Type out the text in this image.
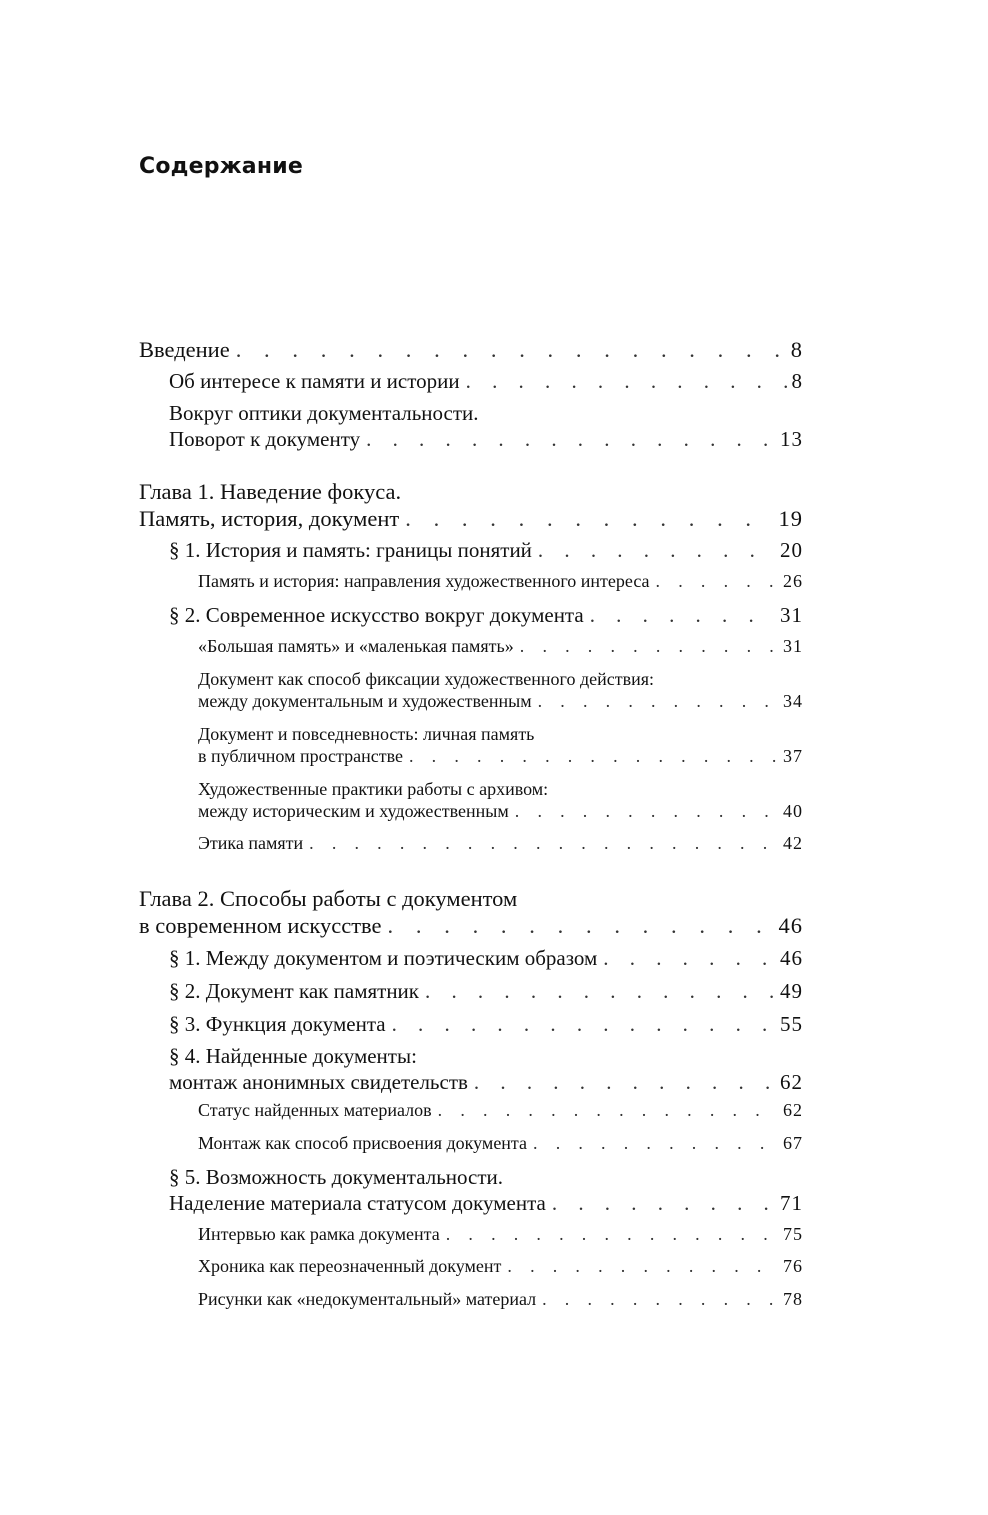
Содержание
Введение . . .	8
Об интересе к памяти и истории . . .	8
Вокруг оптики документальности.
Поворот к документу . . .	13
Глава 1. Наведение фокуса.
Память, история, документ . . .	19
§ 1. История и память: границы понятий . . .	20
Память и история: направления художественного интереса . . .	26
§ 2. Современное искусство вокруг документа . . .	31
«Большая память» и «маленькая память» . . .	31
Документ как способ фиксации художественного действия:
между документальным и художественным . . .	34
Документ и повседневность: личная память
в публичном пространстве . . .	37
Художественные практики работы с архивом:
между историческим и художественным . . .	40
Этика памяти . . .	42
Глава 2. Способы работы с документом
в современном искусстве . . .	46
§ 1. Между документом и поэтическим образом . . .	46
§ 2. Документ как памятник . . .	49
§ 3. Функция документа . . .	55
§ 4. Найденные документы:
монтаж анонимных свидетельств . . .	62
Статус найденных материалов . . .	62
Монтаж как способ присвоения документа . . .	67
§ 5. Возможность документальности.
Наделение материала статусом документа . . .	71
Интервью как рамка документа . . .	75
Хроника как переозначенный документ . . .	76
Рисунки как «недокументальный» материал . . .	78
